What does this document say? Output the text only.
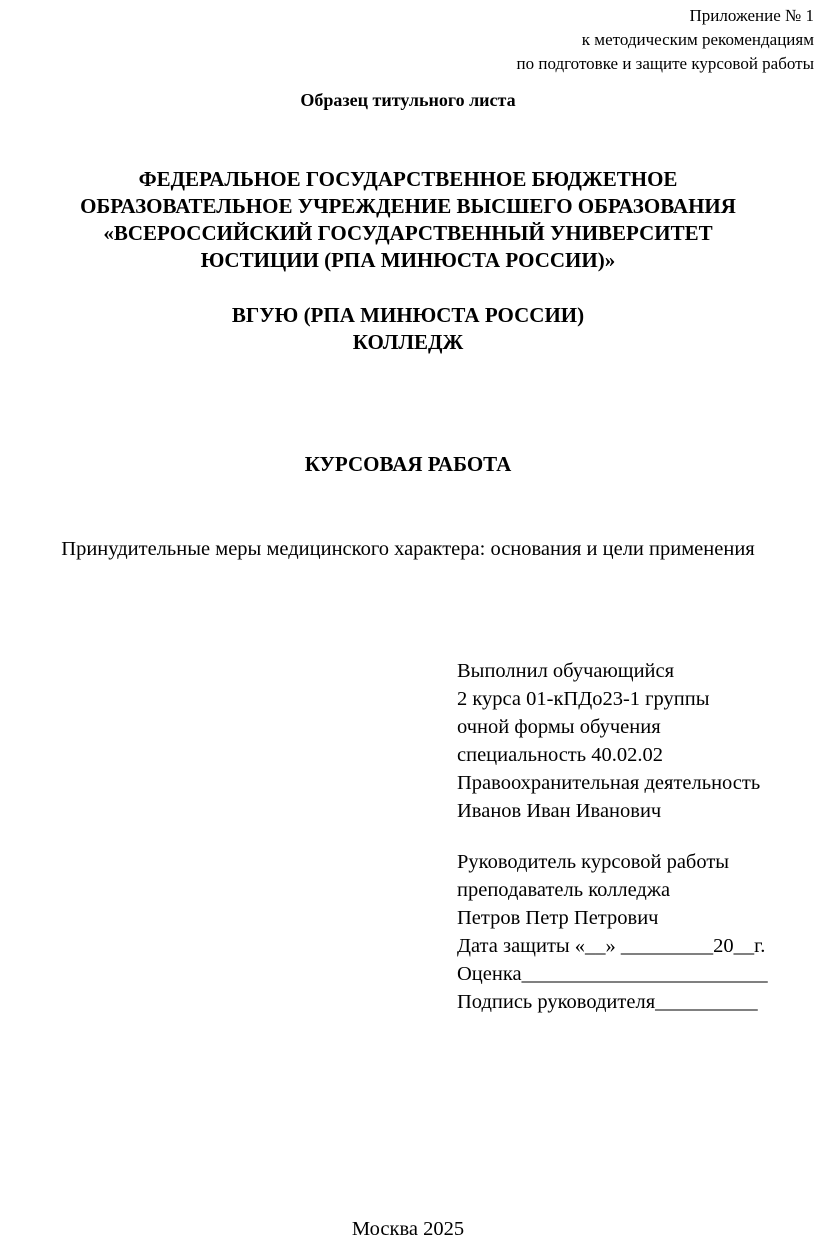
Приложение № 1
к методическим рекомендациям
по подготовке и защите курсовой работы
Образец титульного листа
ФЕДЕРАЛЬНОЕ ГОСУДАРСТВЕННОЕ БЮДЖЕТНОЕ
ОБРАЗОВАТЕЛЬНОЕ УЧРЕЖДЕНИЕ ВЫСШЕГО ОБРАЗОВАНИЯ
«ВСЕРОССИЙСКИЙ ГОСУДАРСТВЕННЫЙ УНИВЕРСИТЕТ
ЮСТИЦИИ (РПА МИНЮСТА РОССИИ)»
ВГУЮ (РПА МИНЮСТА РОССИИ)
КОЛЛЕДЖ
КУРСОВАЯ РАБОТА
Принудительные меры медицинского характера: основания и цели применения
Выполнил обучающийся
2 курса 01-кПДо23-1 группы
очной формы обучения
специальность 40.02.02
Правоохранительная деятельность
Иванов Иван Иванович
Руководитель курсовой работы
преподаватель колледжа
Петров Петр Петрович
Дата защиты «__» _________20__г.
Оценка________________________
Подпись руководителя__________
Москва 2025
